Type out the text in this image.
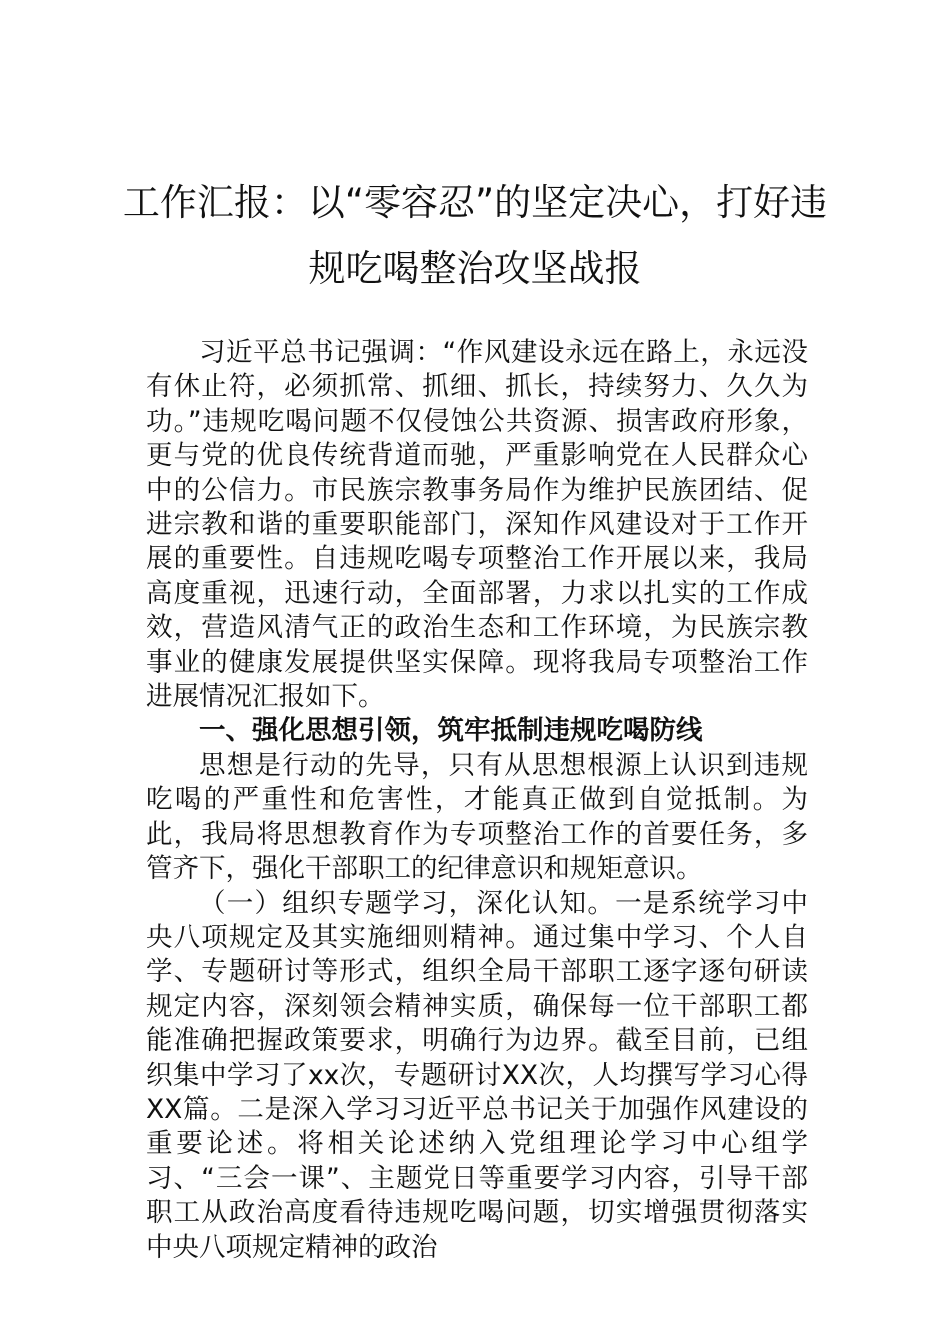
工作汇报：以“零容忍”的坚定决心，打好违
规吃喝整治攻坚战报

习近平总书记强调：“作风建设永远在路上，永远没有休止符，必须抓常、抓细、抓长，持续努力、久久为功。”违规吃喝问题不仅侵蚀公共资源、损害政府形象，更与党的优良传统背道而驰，严重影响党在人民群众心中的公信力。市民族宗教事务局作为维护民族团结、促进宗教和谐的重要职能部门，深知作风建设对于工作开展的重要性。自违规吃喝专项整治工作开展以来，我局高度重视，迅速行动，全面部署，力求以扎实的工作成效，营造风清气正的政治生态和工作环境，为民族宗教事业的健康发展提供坚实保障。现将我局专项整治工作进展情况汇报如下。

一、强化思想引领，筑牢抵制违规吃喝防线

思想是行动的先导，只有从思想根源上认识到违规吃喝的严重性和危害性，才能真正做到自觉抵制。为此，我局将思想教育作为专项整治工作的首要任务，多管齐下，强化干部职工的纪律意识和规矩意识。

（一）组织专题学习，深化认知。一是系统学习中央八项规定及其实施细则精神。通过集中学习、个人自学、专题研讨等形式，组织全局干部职工逐字逐句研读规定内容，深刻领会精神实质，确保每一位干部职工都能准确把握政策要求，明确行为边界。截至目前，已组织集中学习了xx次，专题研讨XX次，人均撰写学习心得XX篇。二是深入学习习近平总书记关于加强作风建设的重要论述。将相关论述纳入党组理论学习中心组学习、“三会一课”、主题党日等重要学习内容，引导干部职工从政治高度看待违规吃喝问题，切实增强贯彻落实中央八项规定精神的政治
